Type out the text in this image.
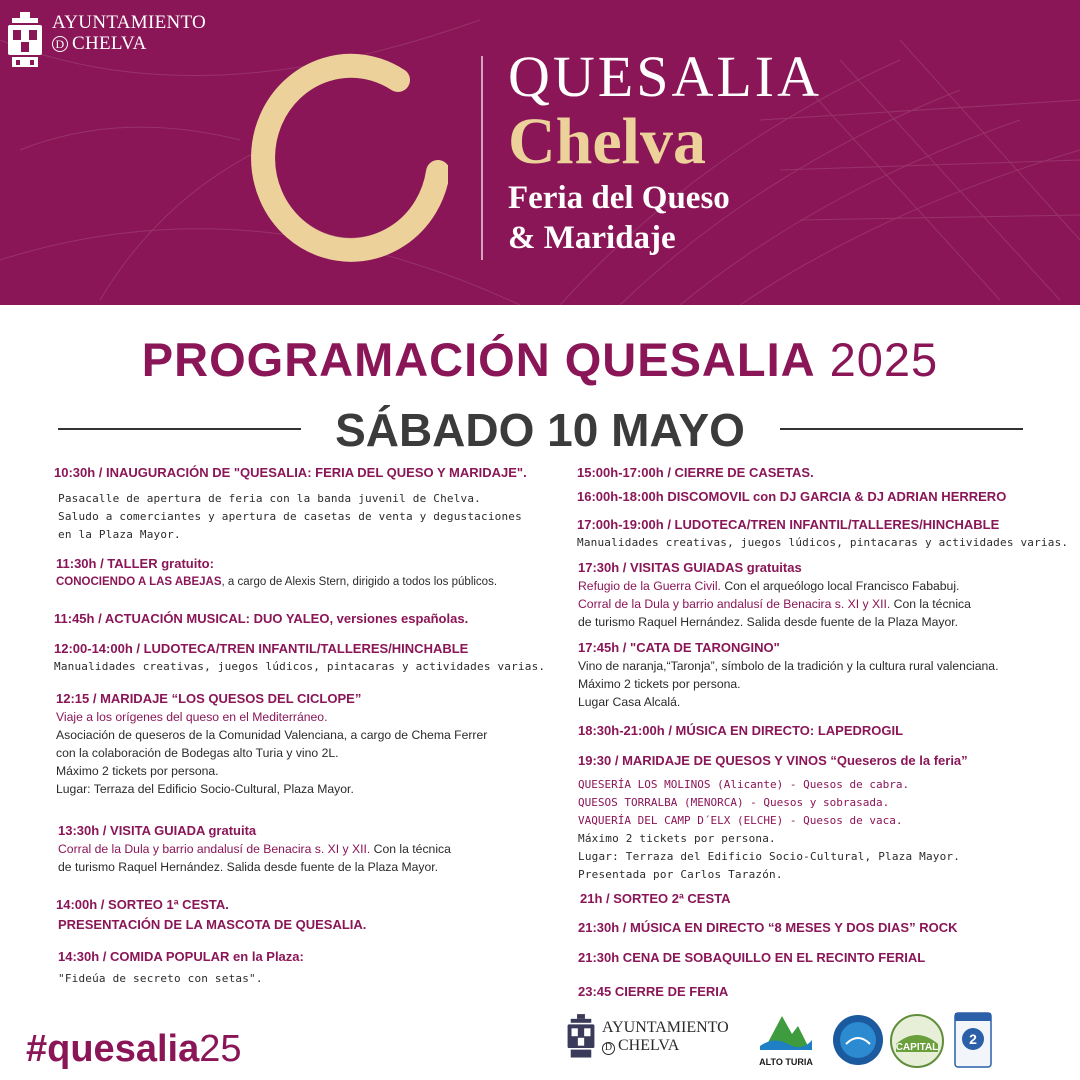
AYUNTAMIENTO
D CHELVA
QUESALIA
Chelva
Feria del Queso
& Maridaje
PROGRAMACIÓN QUESALIA 2025
SÁBADO 10 MAYO
10:30h / INAUGURACIÓN DE "QUESALIA: FERIA DEL QUESO Y MARIDAJE".
Pasacalle de apertura de feria con la banda juvenil de Chelva.
Saludo a comerciantes y apertura de casetas de venta y degustaciones
en la Plaza Mayor.
11:30h / TALLER gratuito:
CONOCIENDO A LAS ABEJAS, a cargo de Alexis Stern, dirigido a todos los públicos.
11:45h / ACTUACIÓN MUSICAL: DUO YALEO, versiones españolas.
12:00-14:00h / LUDOTECA/TREN INFANTIL/TALLERES/HINCHABLE
Manualidades creativas, juegos lúdicos, pintacaras y actividades varias.
12:15 / MARIDAJE “LOS QUESOS DEL CICLOPE”
Viaje a los orígenes del queso en el Mediterráneo.
Asociación de queseros de la Comunidad Valenciana, a cargo de Chema Ferrer
con la colaboración de Bodegas alto Turia y vino 2L.
Máximo 2 tickets por persona.
Lugar: Terraza del Edificio Socio-Cultural, Plaza Mayor.
13:30h / VISITA GUIADA gratuita
Corral de la Dula y barrio andalusí de Benacira s. XI y XII. Con la técnica
de turismo Raquel Hernández. Salida desde fuente de la Plaza Mayor.
14:00h / SORTEO 1ª CESTA.
PRESENTACIÓN DE LA MASCOTA DE QUESALIA.
14:30h / COMIDA POPULAR en la Plaza:
"Fideúa de secreto con setas".
15:00h-17:00h / CIERRE DE CASETAS.
16:00h-18:00h DISCOMOVIL con DJ GARCIA & DJ ADRIAN HERRERO
17:00h-19:00h / LUDOTECA/TREN INFANTIL/TALLERES/HINCHABLE
Manualidades creativas, juegos lúdicos, pintacaras y actividades varias.
17:30h / VISITAS GUIADAS gratuitas
Refugio de la Guerra Civil. Con el arqueólogo local Francisco Fababuj.
Corral de la Dula y barrio andalusí de Benacira s. XI y XII. Con la técnica
de turismo Raquel Hernández. Salida desde fuente de la Plaza Mayor.
17:45h / "CATA DE TARONGINO"
Vino de naranja,“Taronja”, símbolo de la tradición y la cultura rural valenciana.
Máximo 2 tickets por persona.
Lugar Casa Alcalá.
18:30h-21:00h / MÚSICA EN DIRECTO: LAPEDROGIL
19:30 / MARIDAJE DE QUESOS Y VINOS “Queseros de la feria”
QUESERÍA LOS MOLINOS (Alicante) - Quesos de cabra.
QUESOS TORRALBA (MENORCA) - Quesos y sobrasada.
VAQUERÍA DEL CAMP D´ELX (ELCHE) - Quesos de vaca.
Máximo 2 tickets por persona.
Lugar: Terraza del Edificio Socio-Cultural, Plaza Mayor.
Presentada por Carlos Tarazón.
21h / SORTEO 2ª CESTA
21:30h / MÚSICA EN DIRECTO “8 MESES Y DOS DIAS” ROCK
21:30h CENA DE SOBAQUILLO EN EL RECINTO FERIAL
23:45 CIERRE DE FERIA
#quesalia25
AYUNTAMIENTO
D CHELVA
ALTO TURIA
CAPITAL
2
